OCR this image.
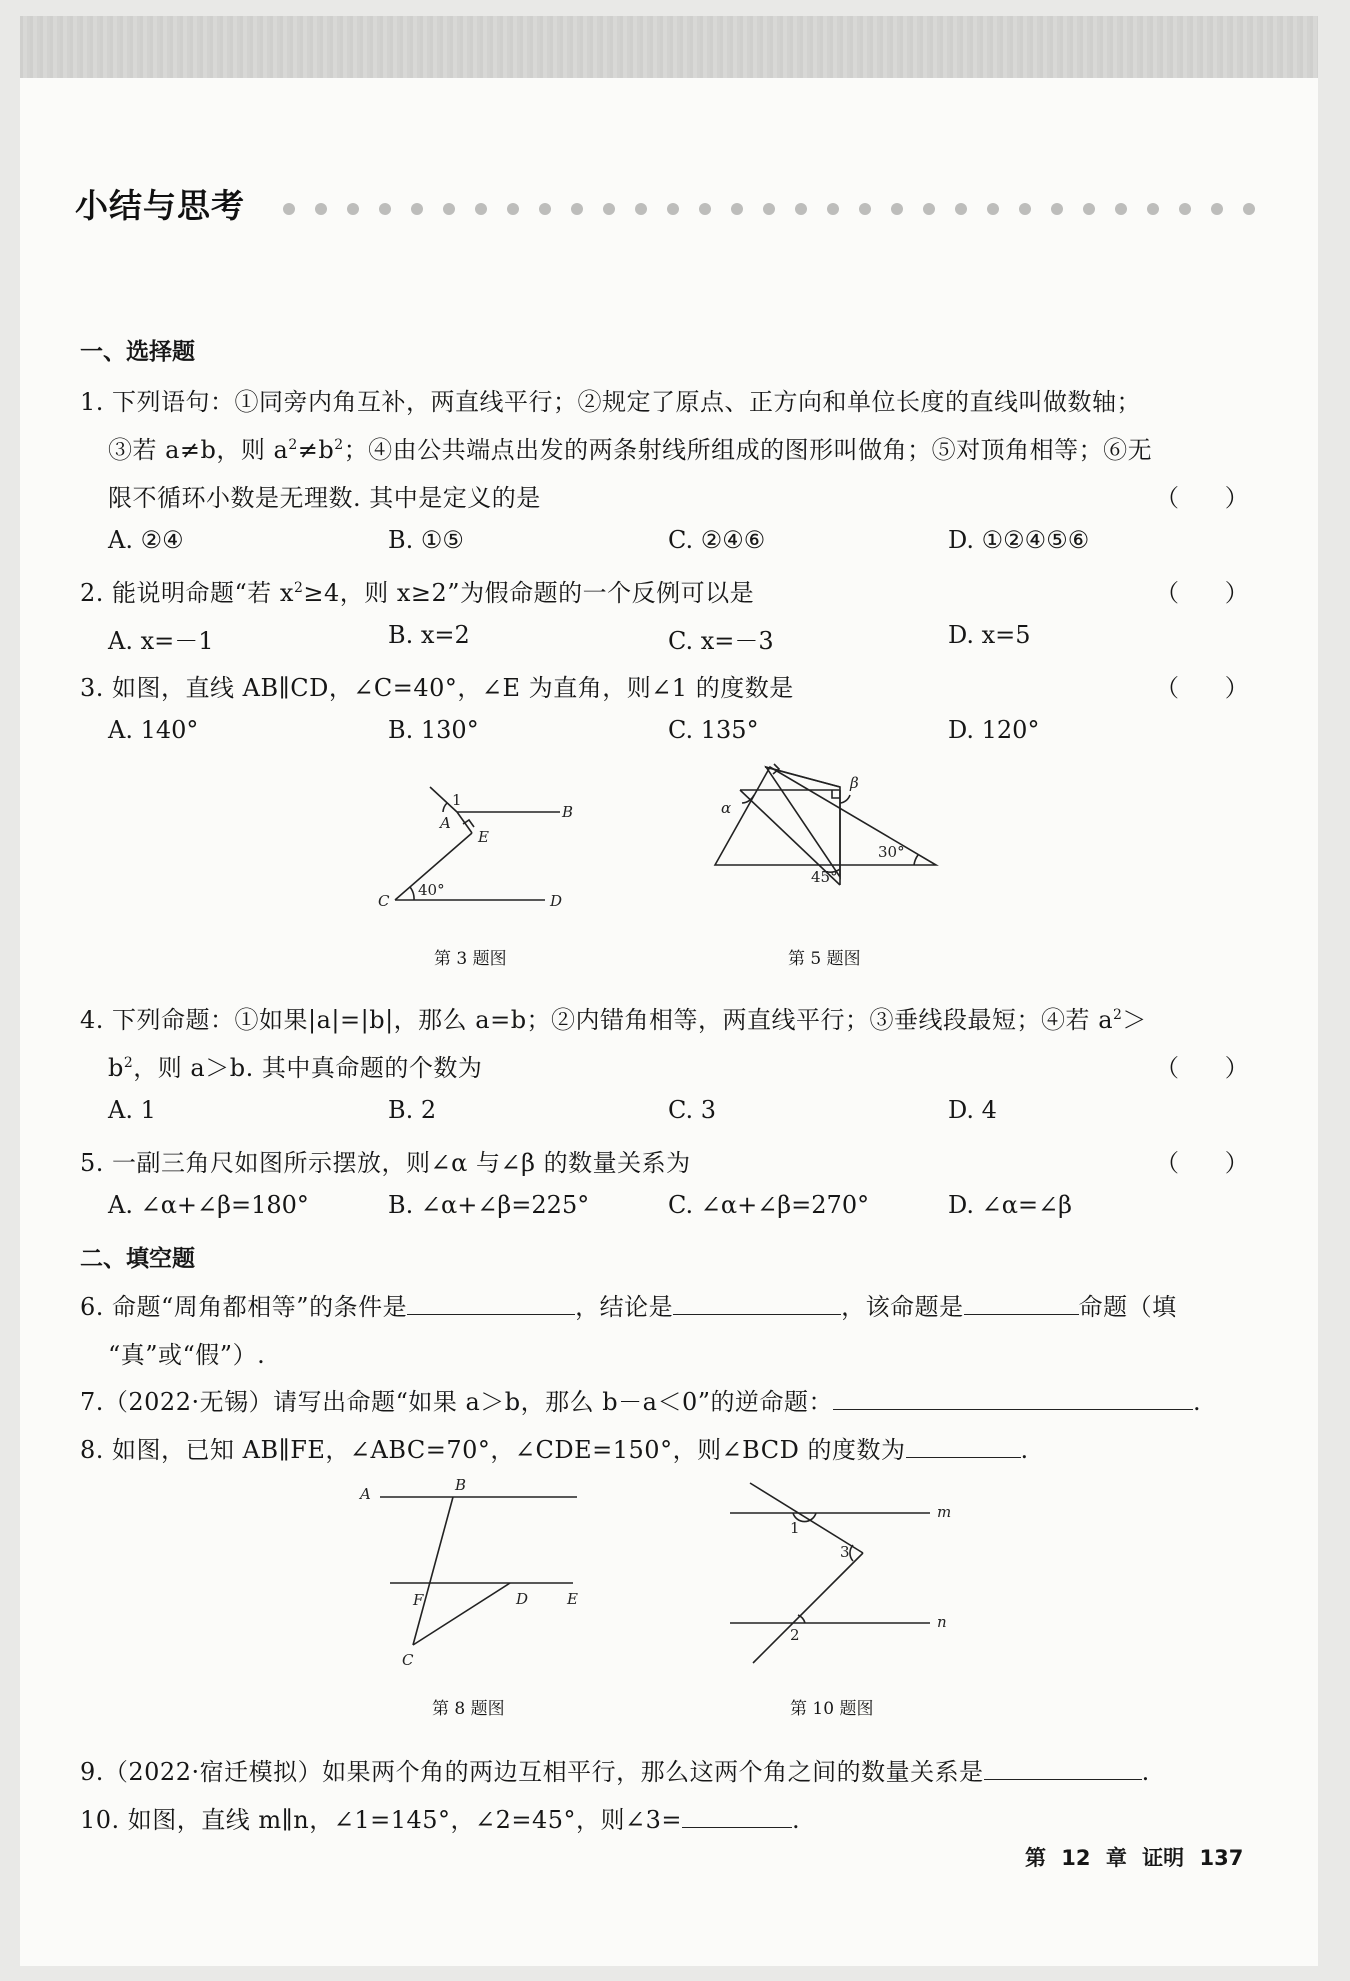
小结与思考
一、选择题
1. 下列语句：①同旁内角互补，两直线平行；②规定了原点、正方向和单位长度的直线叫做数轴；
③若 a≠b，则 $a^2\ne b^2$；④由公共端点出发的两条射线所组成的图形叫做角；⑤对顶角相等；⑥无
限不循环小数是无理数. 其中是定义的是	（      ）
A. ②④	B. ①⑤	C. ②④⑥	D. ①②④⑤⑥
2. 能说明命题“若 $x^2\ge 4$，则 x≥2”为假命题的一个反例可以是	（      ）
A. x=－1	B. x=2	C. x=－3	D. x=5
3. 如图，直线 AB∥CD，∠C=40°，∠E 为直角，则∠1 的度数是	（      ）
A. 140°	B. 130°	C. 135°	D. 120°
1
A
B
E
C	D
40°
第 3 题图
α
β
30°
45°
第 5 题图
4. 下列命题：①如果|a|=|b|，那么 a=b；②内错角相等，两直线平行；③垂线段最短；④若 $a^2>$
$b^2$，则 a＞b. 其中真命题的个数为	（      ）
A. 1	B. 2	C. 3	D. 4
5. 一副三角尺如图所示摆放，则∠α 与∠β 的数量关系为	（      ）
A. ∠α+∠β=180°	B. ∠α+∠β=225°	C. ∠α+∠β=270°	D. ∠α=∠β
二、填空题
6. 命题“周角都相等”的条件是	，结论是	，该命题是	命题（填
“真”或“假”）.
7.（2022·无锡）请写出命题“如果 a＞b，那么 b－a＜0”的逆命题：	.
8. 如图，已知 AB∥FE，∠ABC=70°，∠CDE=150°，则∠BCD 的度数为	.
A	B
F	D	E
C
第 8 题图
1
2
3
m
n
第 10 题图
9.（2022·宿迁模拟）如果两个角的两边互相平行，那么这两个角之间的数量关系是	.
10. 如图，直线 m∥n，∠1=145°，∠2=45°，则∠3=	.
第 12 章 证明 137
